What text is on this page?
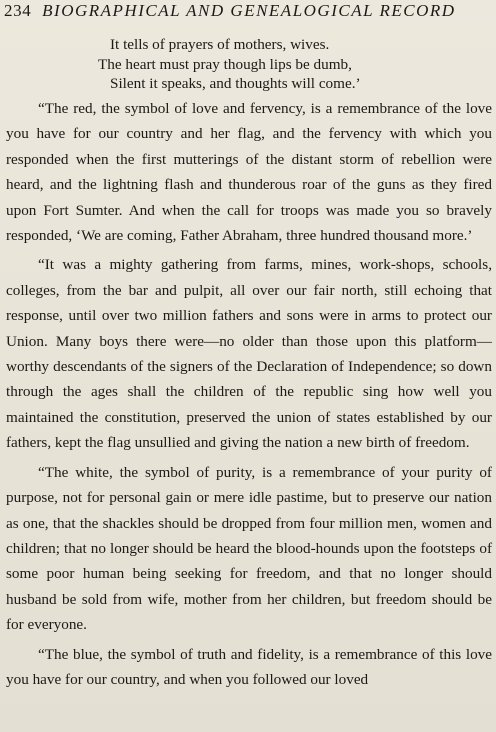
234 BIOGRAPHICAL AND GENEALOGICAL RECORD
It tells of prayers of mothers, wives.
The heart must pray though lips be dumb,
Silent it speaks, and thoughts will come.’

“The red, the symbol of love and fervency, is a remembrance of the love you have for our country and her flag, and the fervency with which you responded when the first mutterings of the distant storm of rebellion were heard, and the lightning flash and thunderous roar of the guns as they fired upon Fort Sumter. And when the call for troops was made you so bravely responded, ‘We are coming, Father Abraham, three hundred thousand more.’

“It was a mighty gathering from farms, mines, work-shops, schools, colleges, from the bar and pulpit, all over our fair north, still echoing that response, until over two million fathers and sons were in arms to protect our Union. Many boys there were—no older than those upon this platform—worthy descendants of the signers of the Declaration of Independence; so down through the ages shall the children of the republic sing how well you maintained the constitution, preserved the union of states established by our fathers, kept the flag unsullied and giving the nation a new birth of freedom.

“The white, the symbol of purity, is a remembrance of your purity of purpose, not for personal gain or mere idle pastime, but to preserve our nation as one, that the shackles should be dropped from four million men, women and children; that no longer should be heard the blood-hounds upon the footsteps of some poor human being seeking for freedom, and that no longer should husband be sold from wife, mother from her children, but freedom should be for everyone.

“The blue, the symbol of truth and fidelity, is a remembrance of this love you have for our country, and when you followed our loved
